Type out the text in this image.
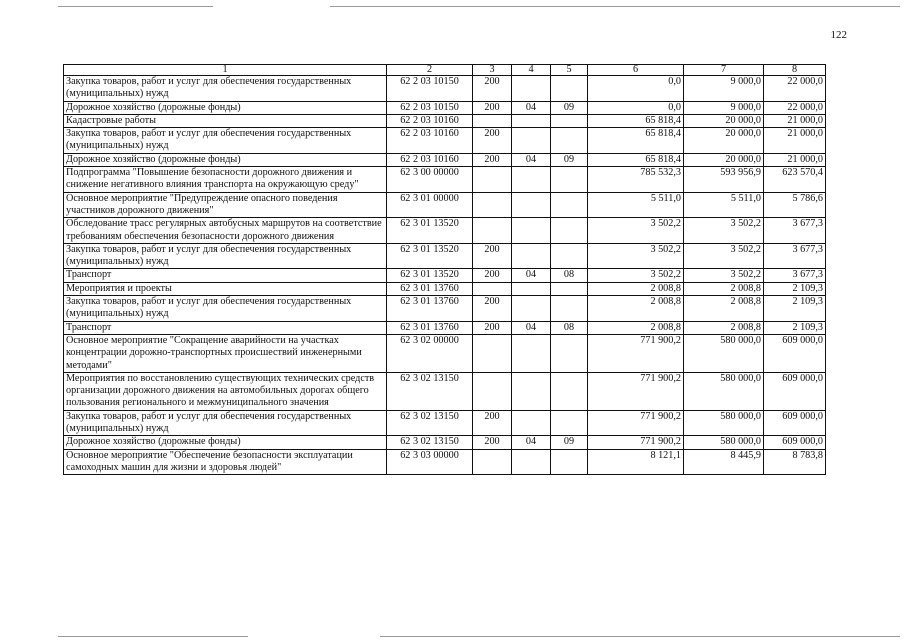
122
1	2	3	4	5	6	7	8
Закупка товаров, работ и услуг для обеспечения государственных (муниципальных) нужд	62 2 03 10150	200			0,0	9 000,0	22 000,0
Дорожное хозяйство (дорожные фонды)	62 2 03 10150	200	04	09	0,0	9 000,0	22 000,0
Кадастровые работы	62 2 03 10160				65 818,4	20 000,0	21 000,0
Закупка товаров, работ и услуг для обеспечения государственных (муниципальных) нужд	62 2 03 10160	200			65 818,4	20 000,0	21 000,0
Дорожное хозяйство (дорожные фонды)	62 2 03 10160	200	04	09	65 818,4	20 000,0	21 000,0
Подпрограмма "Повышение безопасности дорожного движения и снижение негативного влияния транспорта на окружающую среду"	62 3 00 00000				785 532,3	593 956,9	623 570,4
Основное мероприятие "Предупреждение опасного поведения участников дорожного движения"	62 3 01 00000				5 511,0	5 511,0	5 786,6
Обследование трасс регулярных автобусных маршрутов на соответствие требованиям обеспечения безопасности дорожного движения	62 3 01 13520				3 502,2	3 502,2	3 677,3
Закупка товаров, работ и услуг для обеспечения государственных (муниципальных) нужд	62 3 01 13520	200			3 502,2	3 502,2	3 677,3
Транспорт	62 3 01 13520	200	04	08	3 502,2	3 502,2	3 677,3
Мероприятия и проекты	62 3 01 13760				2 008,8	2 008,8	2 109,3
Закупка товаров, работ и услуг для обеспечения государственных (муниципальных) нужд	62 3 01 13760	200			2 008,8	2 008,8	2 109,3
Транспорт	62 3 01 13760	200	04	08	2 008,8	2 008,8	2 109,3
Основное мероприятие "Сокращение аварийности на участках концентрации дорожно-транспортных происшествий инженерными методами"	62 3 02 00000				771 900,2	580 000,0	609 000,0
Мероприятия по восстановлению существующих технических средств организации дорожного движения на автомобильных дорогах общего пользования регионального и межмуниципального значения	62 3 02 13150				771 900,2	580 000,0	609 000,0
Закупка товаров, работ и услуг для обеспечения государственных (муниципальных) нужд	62 3 02 13150	200			771 900,2	580 000,0	609 000,0
Дорожное хозяйство (дорожные фонды)	62 3 02 13150	200	04	09	771 900,2	580 000,0	609 000,0
Основное мероприятие "Обеспечение безопасности эксплуатации самоходных машин для жизни и здоровья людей"	62 3 03 00000				8 121,1	8 445,9	8 783,8
